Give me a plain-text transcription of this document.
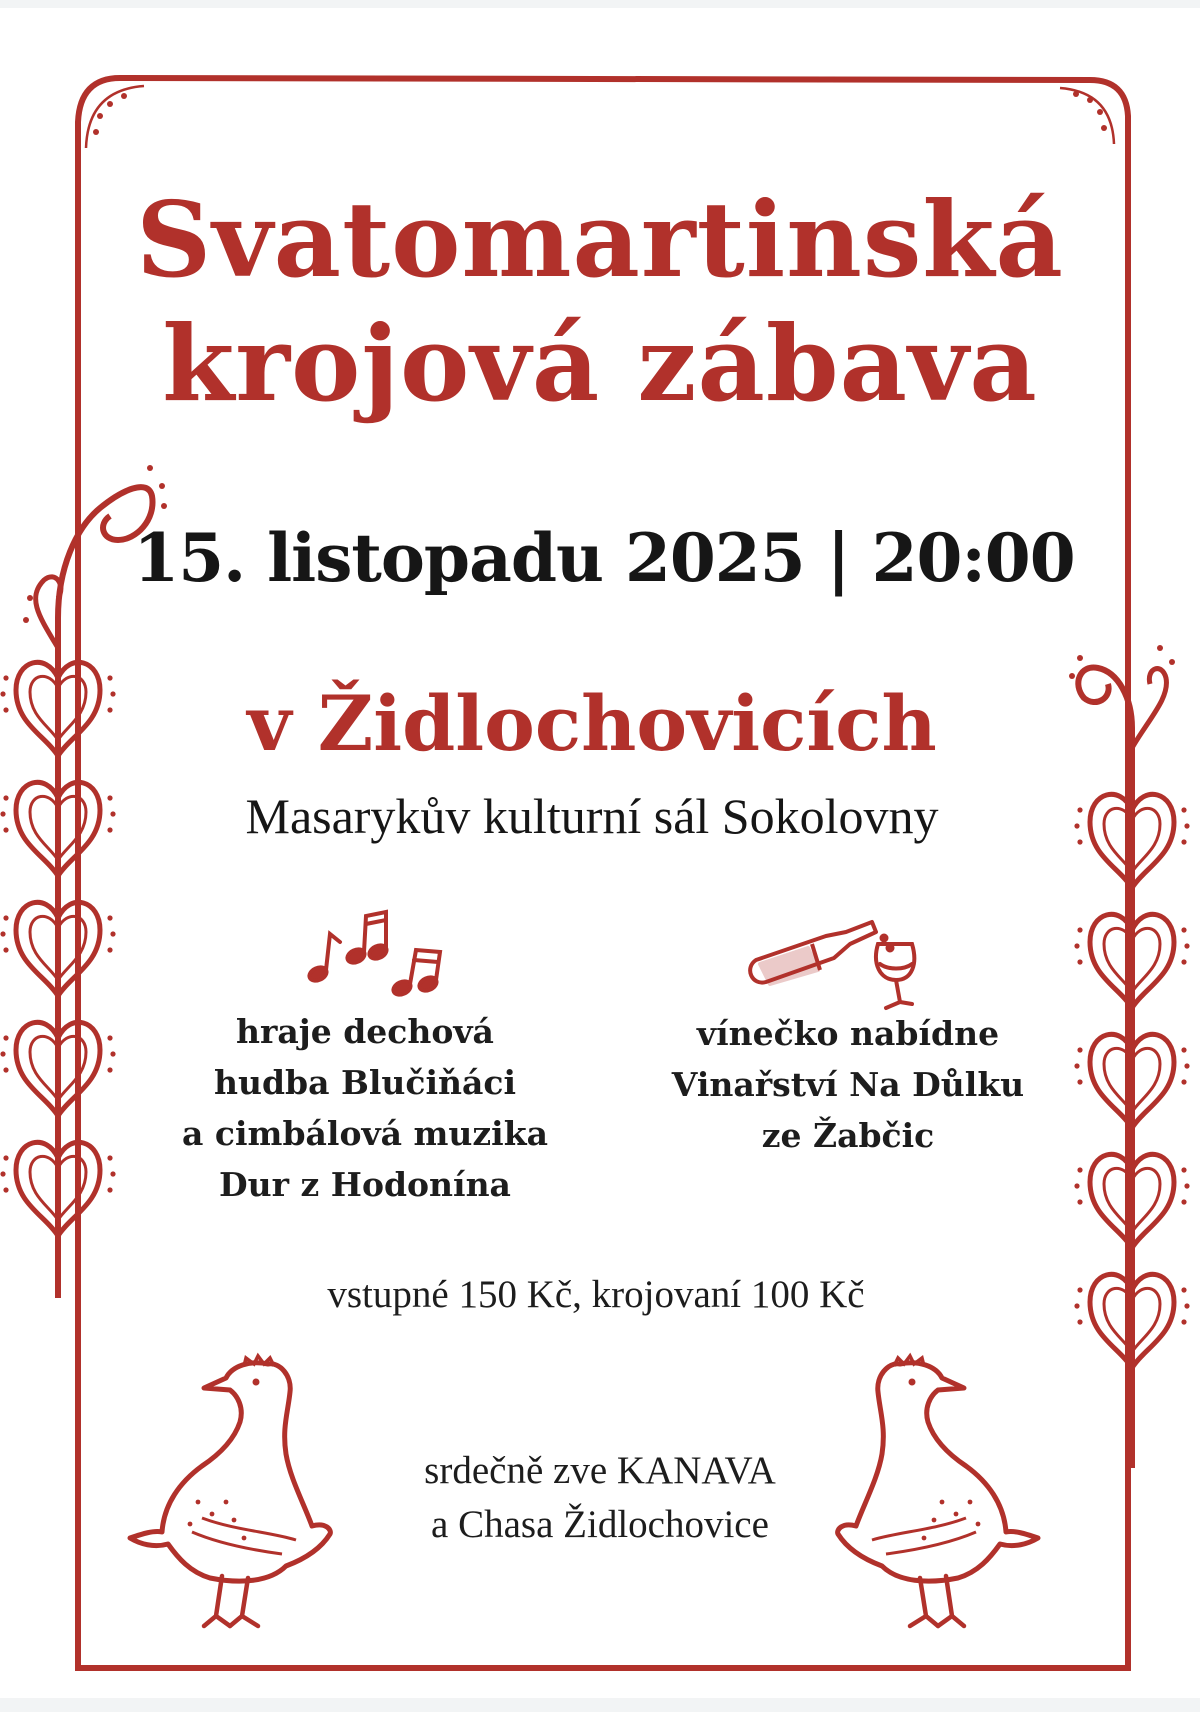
Svatomartinská
krojová zábava
15. listopadu 2025 | 20:00
v Židlochovicích
Masarykův kulturní sál Sokolovny
hraje dechová
hudba Blučiňáci
a cimbálová muzika
Dur z Hodonína
vínečko nabídne
Vinařství Na Důlku
ze Žabčic
vstupné 150 Kč, krojovaní 100 Kč
srdečně zve KANAVA
a Chasa Židlochovice
